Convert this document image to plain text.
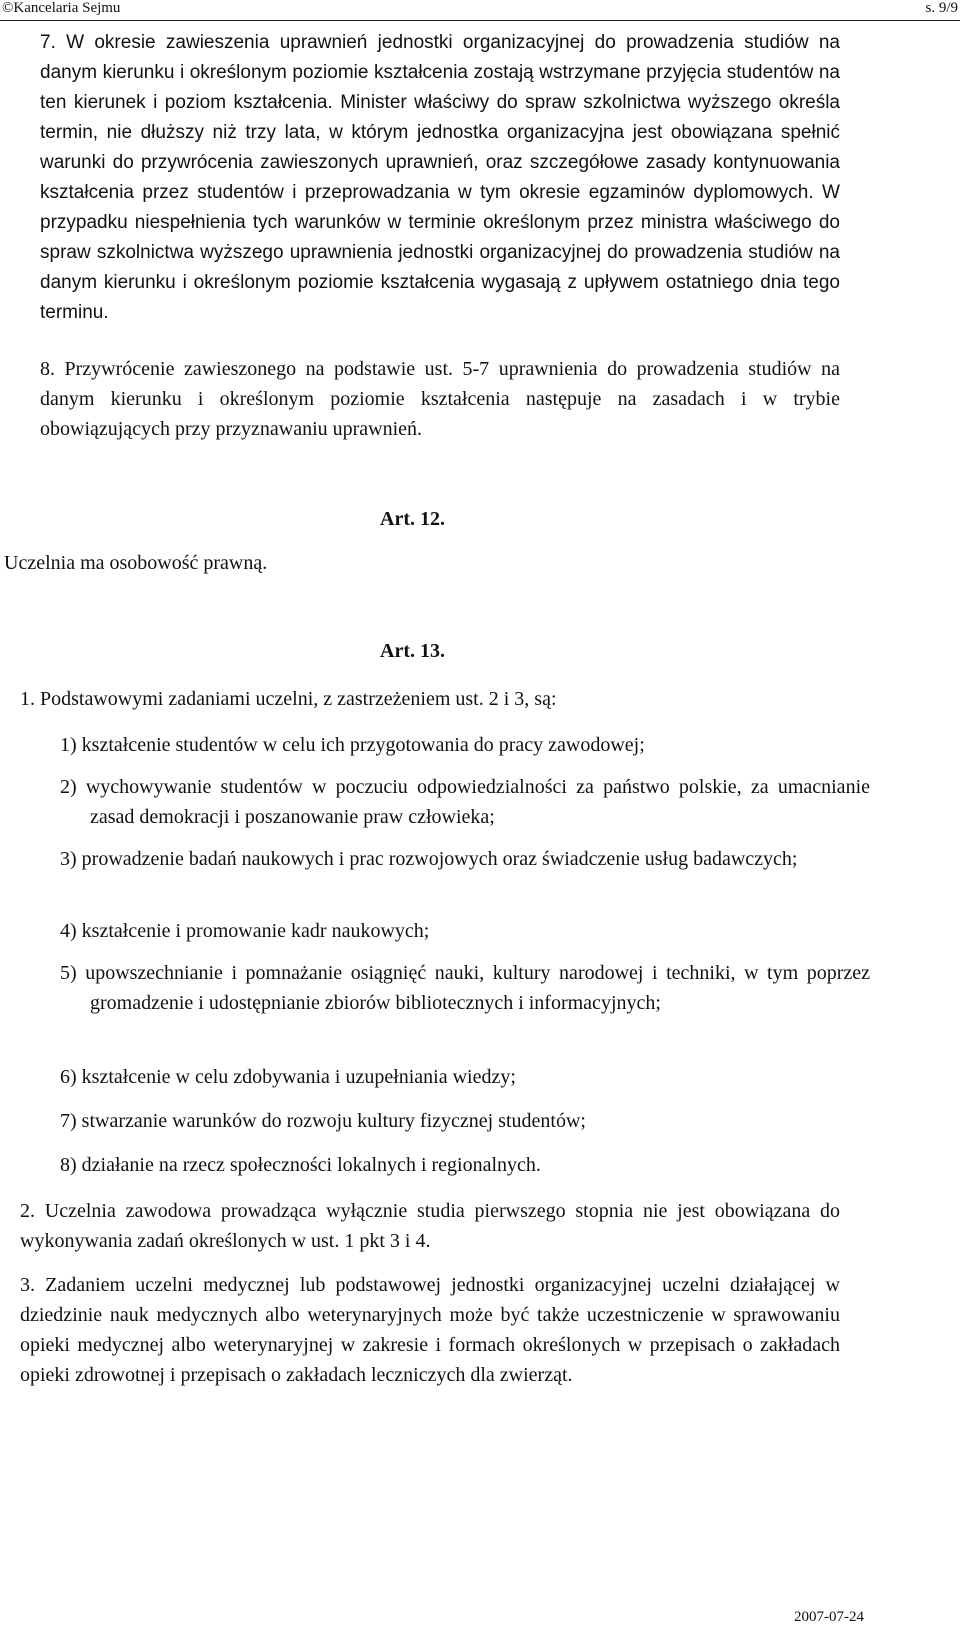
©Kancelaria Sejmu	s. 9/9

7. W okresie zawieszenia uprawnień jednostki organizacyjnej do prowadzenia studiów na danym kierunku i określonym poziomie kształcenia zostają wstrzymane przyjęcia studentów na ten kierunek i poziom kształcenia. Minister właściwy do spraw szkolnictwa wyższego określa termin, nie dłuższy niż trzy lata, w którym jednostka organizacyjna jest obowiązana spełnić warunki do przywrócenia zawieszonych uprawnień, oraz szczegółowe zasady kontynuowania kształcenia przez studentów i przeprowadzania w tym okresie egzaminów dyplomowych. W przypadku niespełnienia tych warunków w terminie określonym przez ministra właściwego do spraw szkolnictwa wyższego uprawnienia jednostki organizacyjnej do prowadzenia studiów na danym kierunku i określonym poziomie kształcenia wygasają z upływem ostatniego dnia tego terminu.

8. Przywrócenie zawieszonego na podstawie ust. 5-7 uprawnienia do prowadzenia studiów na danym kierunku i określonym poziomie kształcenia następuje na zasadach i w trybie obowiązujących przy przyznawaniu uprawnień.

Art. 12.

Uczelnia ma osobowość prawną.

Art. 13.

1. Podstawowymi zadaniami uczelni, z zastrzeżeniem ust. 2 i 3, są:

1) kształcenie studentów w celu ich przygotowania do pracy zawodowej;
2) wychowywanie studentów w poczuciu odpowiedzialności za państwo polskie, za umacnianie zasad demokracji i poszanowanie praw człowieka;
3) prowadzenie badań naukowych i prac rozwojowych oraz świadczenie usług badawczych;
4) kształcenie i promowanie kadr naukowych;
5) upowszechnianie i pomnażanie osiągnięć nauki, kultury narodowej i techniki, w tym poprzez gromadzenie i udostępnianie zbiorów bibliotecznych i informacyjnych;
6) kształcenie w celu zdobywania i uzupełniania wiedzy;
7) stwarzanie warunków do rozwoju kultury fizycznej studentów;
8) działanie na rzecz społeczności lokalnych i regionalnych.

2. Uczelnia zawodowa prowadząca wyłącznie studia pierwszego stopnia nie jest obowiązana do wykonywania zadań określonych w ust. 1 pkt 3 i 4.

3. Zadaniem uczelni medycznej lub podstawowej jednostki organizacyjnej uczelni działającej w dziedzinie nauk medycznych albo weterynaryjnych może być także uczestniczenie w sprawowaniu opieki medycznej albo weterynaryjnej w zakresie i formach określonych w przepisach o zakładach opieki zdrowotnej i przepisach o zakładach leczniczych dla zwierząt.

2007-07-24
